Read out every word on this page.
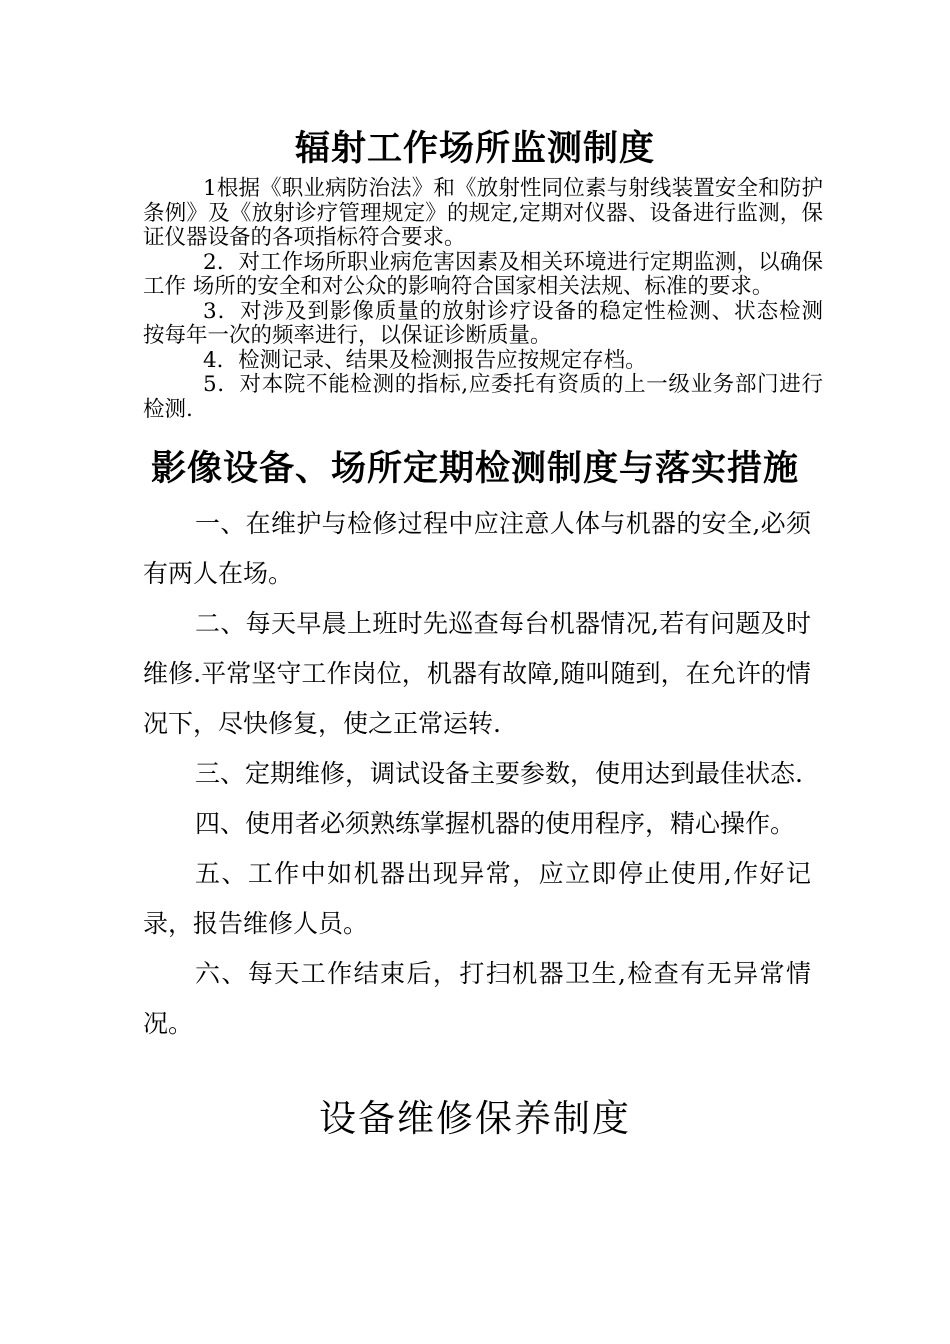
辐射工作场所监测制度

1根据《职业病防治法》和《放射性同位素与射线装置安全和防护条例》及《放射诊疗管理规定》的规定,定期对仪器、设备进行监测，保证仪器设备的各项指标符合要求。

2．对工作场所职业病危害因素及相关环境进行定期监测，以确保工作 场所的安全和对公众的影响符合国家相关法规、标准的要求。

3．对涉及到影像质量的放射诊疗设备的稳定性检测、状态检测 按每年一次的频率进行，以保证诊断质量。

4．检测记录、结果及检测报告应按规定存档。

5．对本院不能检测的指标,应委托有资质的上一级业务部门进行检测.

影像设备、场所定期检测制度与落实措施

一、在维护与检修过程中应注意人体与机器的安全,必须有两人在场。

二、每天早晨上班时先巡查每台机器情况,若有问题及时维修.平常坚守工作岗位，机器有故障,随叫随到，在允许的情况下，尽快修复，使之正常运转.

三、定期维修，调试设备主要参数，使用达到最佳状态.

四、使用者必须熟练掌握机器的使用程序，精心操作。

五、工作中如机器出现异常，应立即停止使用,作好记录，报告维修人员。

六、每天工作结束后，打扫机器卫生,检查有无异常情况。

设备维修保养制度
